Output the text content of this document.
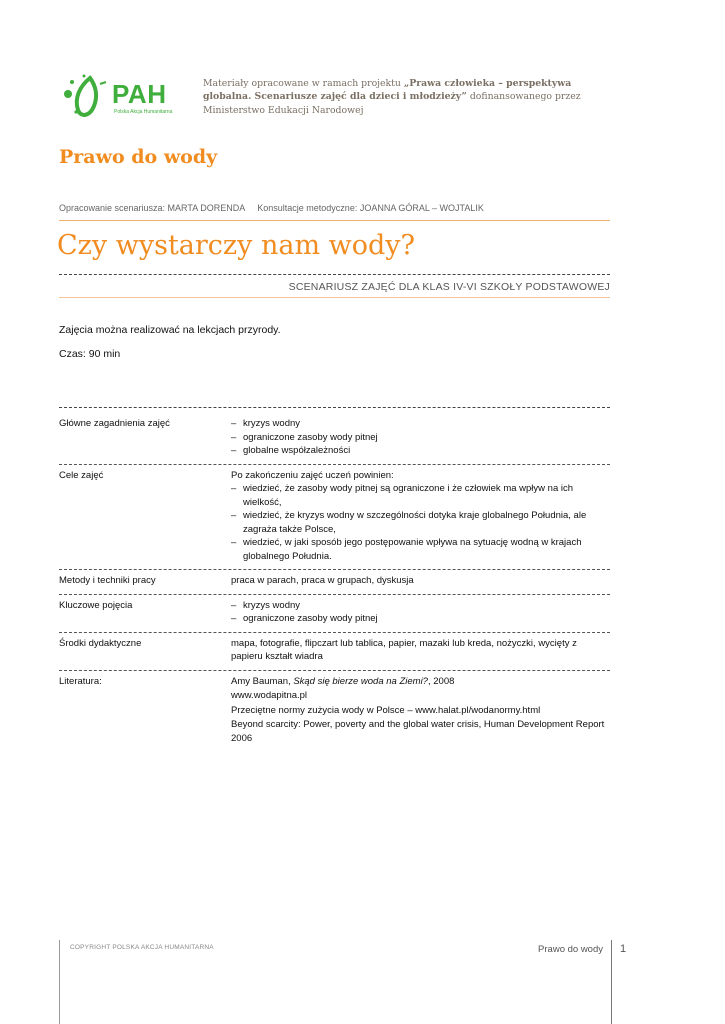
PAH
Polska Akcja Humanitarna
Materiały opracowane w ramach projektu „Prawa człowieka – perspektywa globalna. Scenariusze zajęć dla dzieci i młodzieży” dofinansowanego przez Ministerstwo Edukacji Narodowej
Prawo do wody
Opracowanie scenariusza: MARTA DORENDA Konsultacje metodyczne: JOANNA GÓRAL – WOJTALIK
Czy wystarczy nam wody?
SCENARIUSZ ZAJĘĆ DLA KLAS IV-VI SZKOŁY PODSTAWOWEJ
Zajęcia można realizować na lekcjach przyrody.
Czas: 90 min
Główne zagadnienia zajęć	– kryzys wodny
– ograniczone zasoby wody pitnej
– globalne współzależności
Cele zajęć	Po zakończeniu zajęć uczeń powinien:

– wiedzieć, że zasoby wody pitnej są ograniczone i że człowiek ma wpływ na ich wielkość,
– wiedzieć, że kryzys wodny w szczególności dotyka kraje globalnego Południa, ale zagraża także Polsce,
– wiedzieć, w jaki sposób jego postępowanie wpływa na sytuację wodną w krajach globalnego Południa.
Metody i techniki pracy	praca w parach, praca w grupach, dyskusja
Kluczowe pojęcia	– kryzys wodny
– ograniczone zasoby wody pitnej
Środki dydaktyczne	mapa, fotografie, flipczart lub tablica, papier, mazaki lub kreda, nożyczki, wycięty z papieru kształt wiadra
Literatura:	Amy Bauman, Skąd się bierze woda na Ziemi?, 2008

www.wodapitna.pl

Przeciętne normy zużycia wody w Polsce – www.halat.pl/wodanormy.html

Beyond scarcity: Power, poverty and the global water crisis, Human Development Report 2006

COPYRIGHT POLSKA AKCJA HUMANITARNA	Prawo do wody 1
